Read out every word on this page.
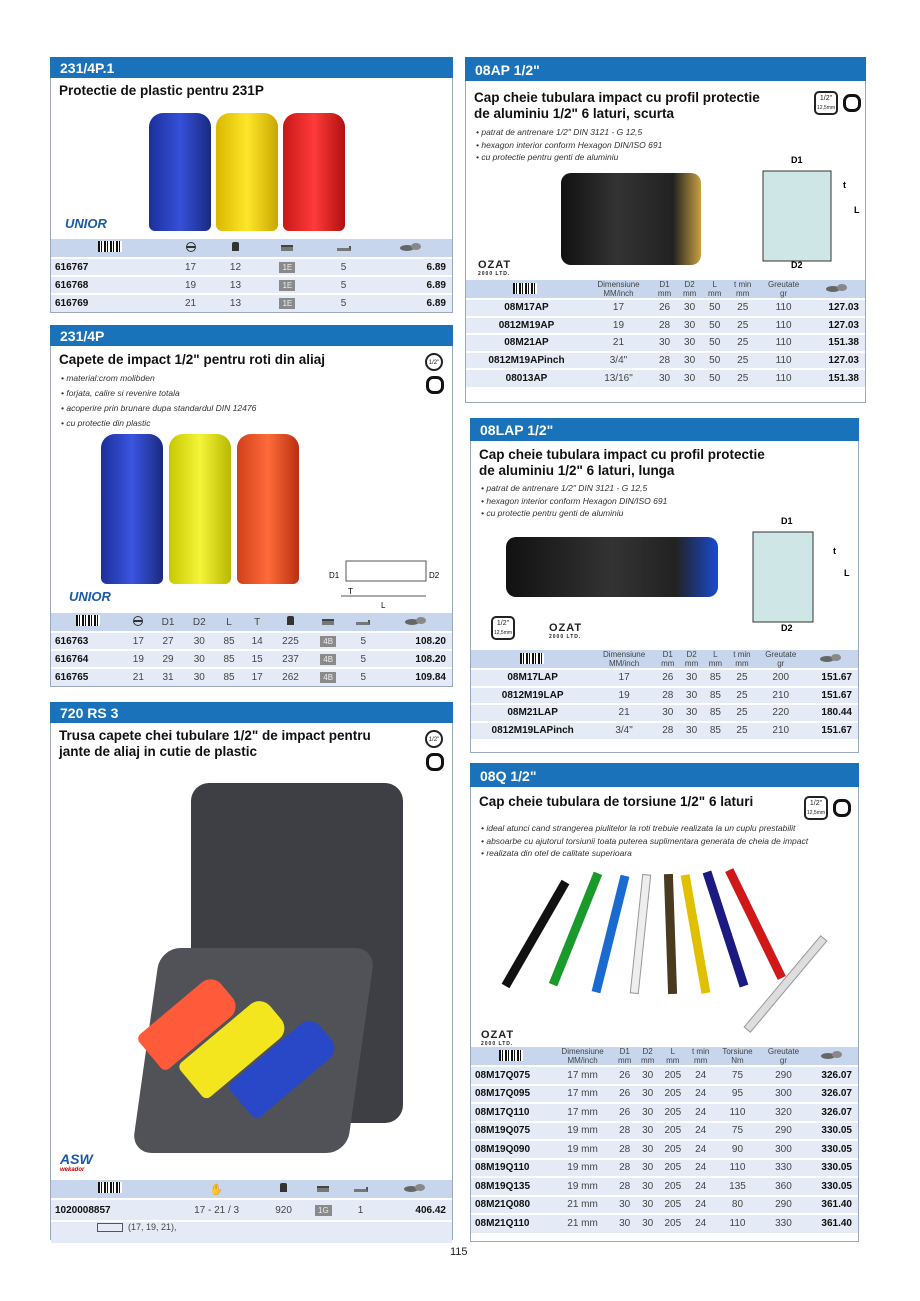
231/4P.1
Protectie de plastic pentru 231P
UNIOR

616767	17	12	1E	5	6.89
616768	19	13	1E	5	6.89
616769	21	13	1E	5	6.89
231/4P
Capete de impact 1/2" pentru roti din aliaj	1/2"
• material:crom molibden
• forjata, calire si revenire totala
• acoperire prin brunare dupa standardul DIN 12476
• cu protectie din plastic
D1	D2
T
L
UNIOR
		D1	D2	L	T				
616763	17	27	30	85	14	225	4B	5	108.20
616764	19	29	30	85	15	237	4B	5	108.20
616765	21	31	30	85	17	262	4B	5	109.84
720 RS 3
Trusa capete chei tubulare 1/2" de impact pentru jante de aliaj in cutie de plastic
1/2"
ASW
wekador
	✋				
1020008857	17 - 21 / 3	920	1G	1	406.42

(17, 19, 21),
08AP 1/2"
Cap cheie tubulara impact cu profil protectie de aluminiu 1/2" 6 laturi, scurta
1/2"
12,5mm
• patrat de antrenare 1/2" DIN 3121 - G 12,5
• hexagon interior conform Hexagon DIN/ISO 691
• cu protectie pentru genti de aluminiu	D1
t
L
D2
OZAT
2000 LTD.
	Dimensiune	D1	D2	L	t min	Greutate	
	MM/inch	mm	mm	mm	mm	gr	
08M17AP	17	26	30	50	25	110	127.03
0812M19AP	19	28	30	50	25	110	127.03
08M21AP	21	30	30	50	25	110	151.38
0812M19APinch	3/4"	28	30	50	25	110	127.03
08013AP	13/16"	30	30	50	25	110	151.38
08LAP 1/2"
Cap cheie tubulara impact cu profil protectie de aluminiu 1/2" 6 laturi, lunga
• patrat de antrenare 1/2" DIN 3121 - G 12,5
• hexagon interior conform Hexagon DIN/ISO 691
• cu protectie pentru genti de aluminiu
D1
t
L
D2
1/2"
12,5mm	OZAT
2000 LTD.
	Dimensiune	D1	D2	L	t min	Greutate	
	MM/inch	mm	mm	mm	mm	gr	
08M17LAP	17	26	30	85	25	200	151.67
0812M19LAP	19	28	30	85	25	210	151.67
08M21LAP	21	30	30	85	25	220	180.44
0812M19LAPinch	3/4"	28	30	85	25	210	151.67
08Q 1/2"
Cap cheie tubulara de torsiune 1/2" 6 laturi	1/2"
12,5mm
• ideal atunci cand strangerea piulitelor la roti trebuie realizata la un cuplu prestabilit
• absoarbe cu ajutorul torsiunii toata puterea suplimentara generata de cheia de impact
• realizata din otel de calitate superioara
OZAT
2000 LTD.
	Dimensiune	D1	D2	L	t min	Torsiune	Greutate	
	MM/inch	mm	mm	mm	mm	Nm	gr	
08M17Q075	17 mm	26	30	205	24	75	290	326.07
08M17Q095	17 mm	26	30	205	24	95	300	326.07
08M17Q110	17 mm	26	30	205	24	110	320	326.07
08M19Q075	19 mm	28	30	205	24	75	290	330.05
08M19Q090	19 mm	28	30	205	24	90	300	330.05
08M19Q110	19 mm	28	30	205	24	110	330	330.05
08M19Q135	19 mm	28	30	205	24	135	360	330.05
08M21Q080	21 mm	30	30	205	24	80	290	361.40
08M21Q110	21 mm	30	30	205	24	110	330	361.40
115
